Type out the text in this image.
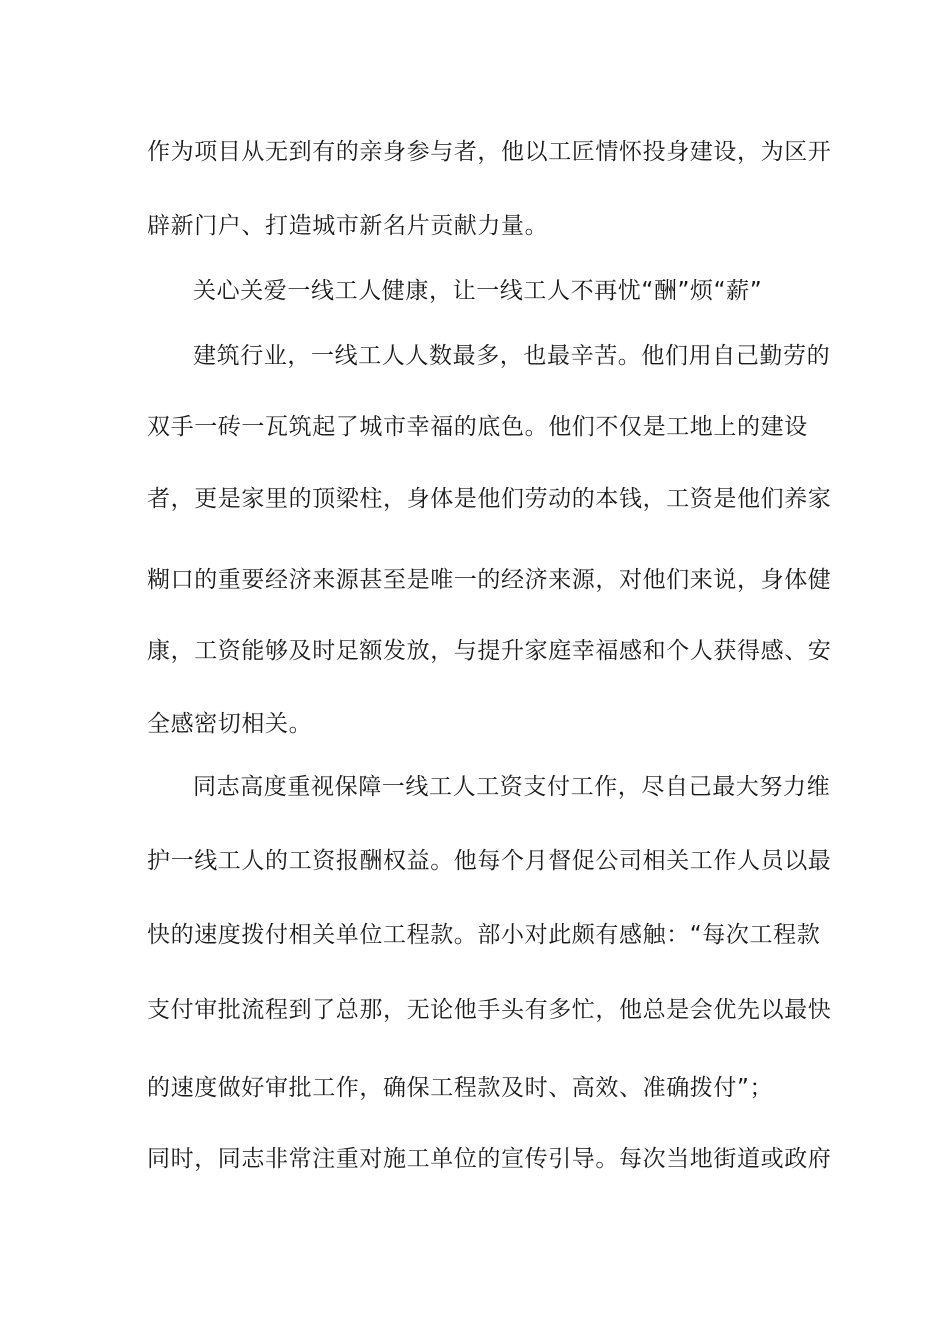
作为项目从无到有的亲身参与者，他以工匠情怀投身建设，为区开
辟新门户、打造城市新名片贡献力量。
关心关爱一线工人健康，让一线工人不再忧“酬”烦“薪”
建筑行业，一线工人人数最多，也最辛苦。他们用自己勤劳的
双手一砖一瓦筑起了城市幸福的底色。他们不仅是工地上的建设
者，更是家里的顶梁柱，身体是他们劳动的本钱，工资是他们养家
糊口的重要经济来源甚至是唯一的经济来源，对他们来说，身体健
康，工资能够及时足额发放，与提升家庭幸福感和个人获得感、安
全感密切相关。
同志高度重视保障一线工人工资支付工作，尽自己最大努力维
护一线工人的工资报酬权益。他每个月督促公司相关工作人员以最
快的速度拨付相关单位工程款。部小对此颇有感触：“每次工程款
支付审批流程到了总那，无论他手头有多忙，他总是会优先以最快
的速度做好审批工作，确保工程款及时、高效、准确拨付”；
同时，同志非常注重对施工单位的宣传引导。每次当地街道或政府
